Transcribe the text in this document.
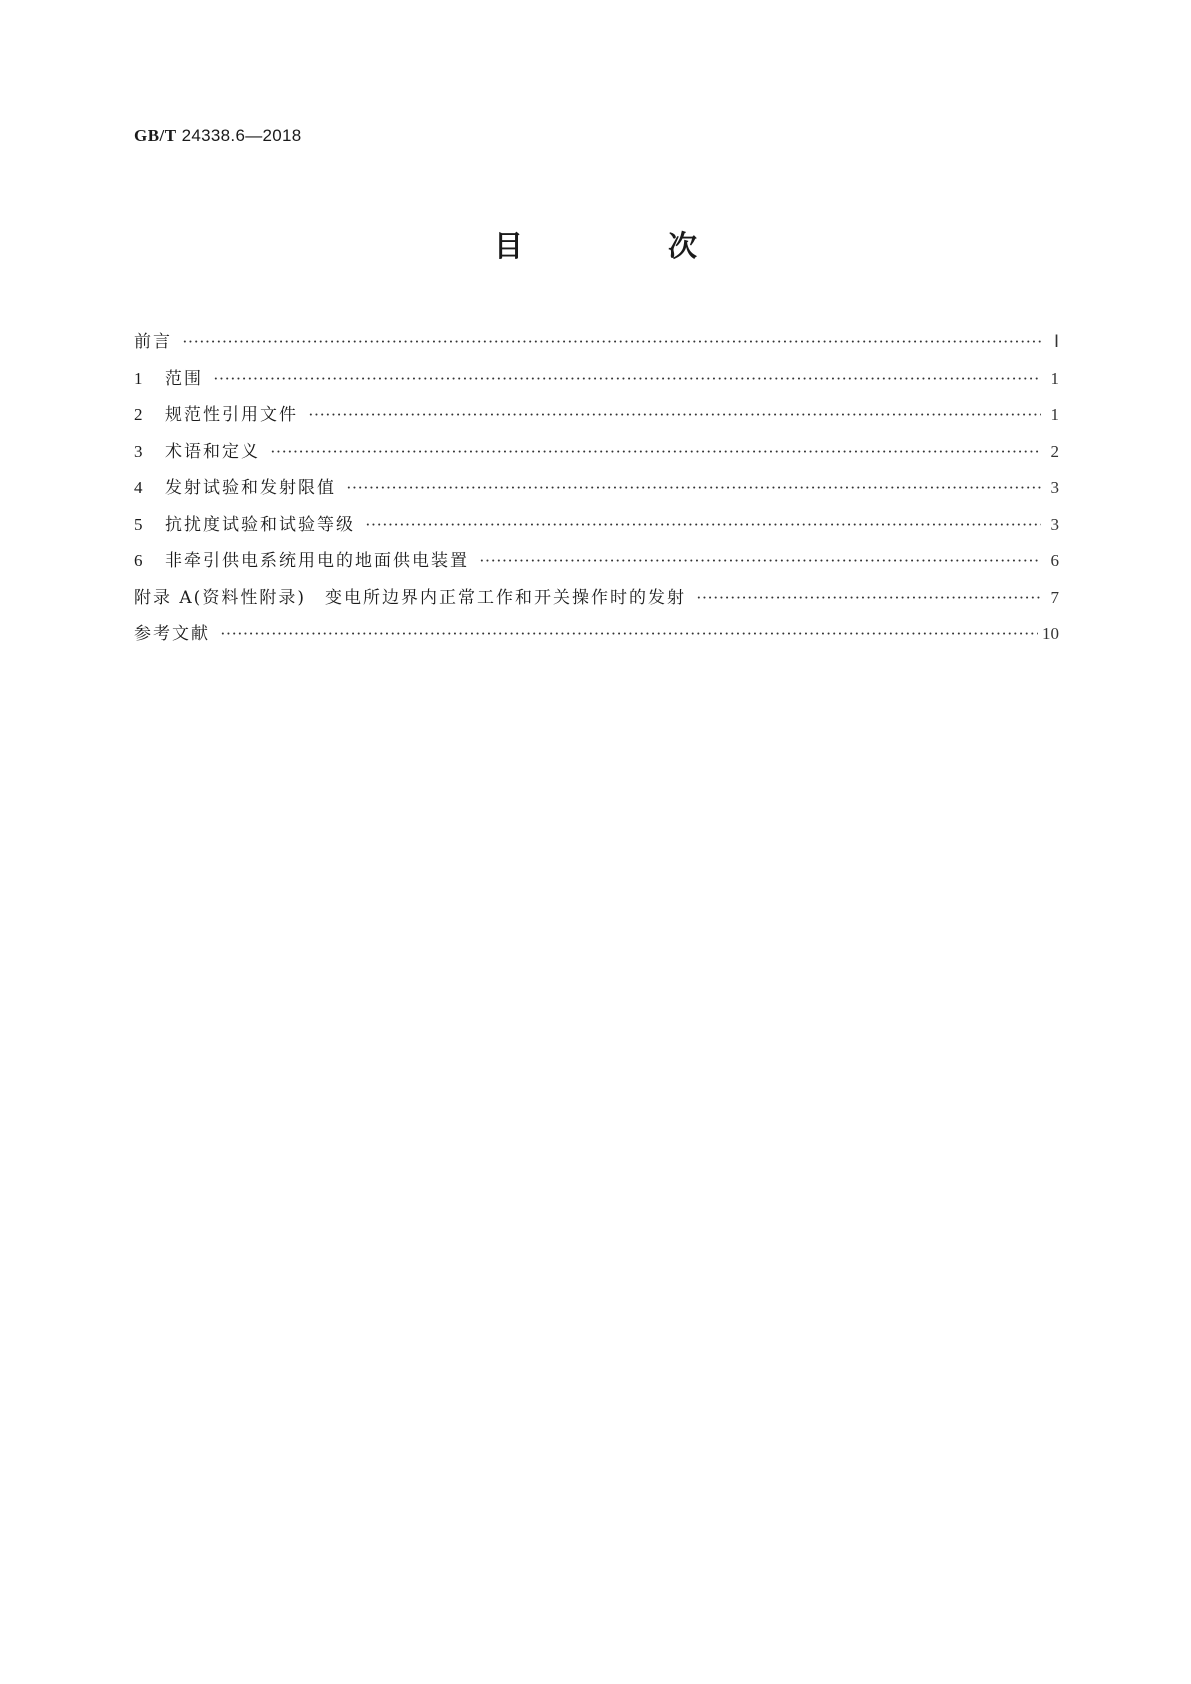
GB/T 24338.6—2018
目　次
前言 ·····	Ⅰ
1	范围 ·····	1
2	规范性引用文件 ·····	1
3	术语和定义 ·····	2
4	发射试验和发射限值 ·····	3
5	抗扰度试验和试验等级 ·····	3
6	非牵引供电系统用电的地面供电装置 ·····	6
附录 A(资料性附录)　变电所边界内正常工作和开关操作时的发射 ·····	7
参考文献 ·····	10
